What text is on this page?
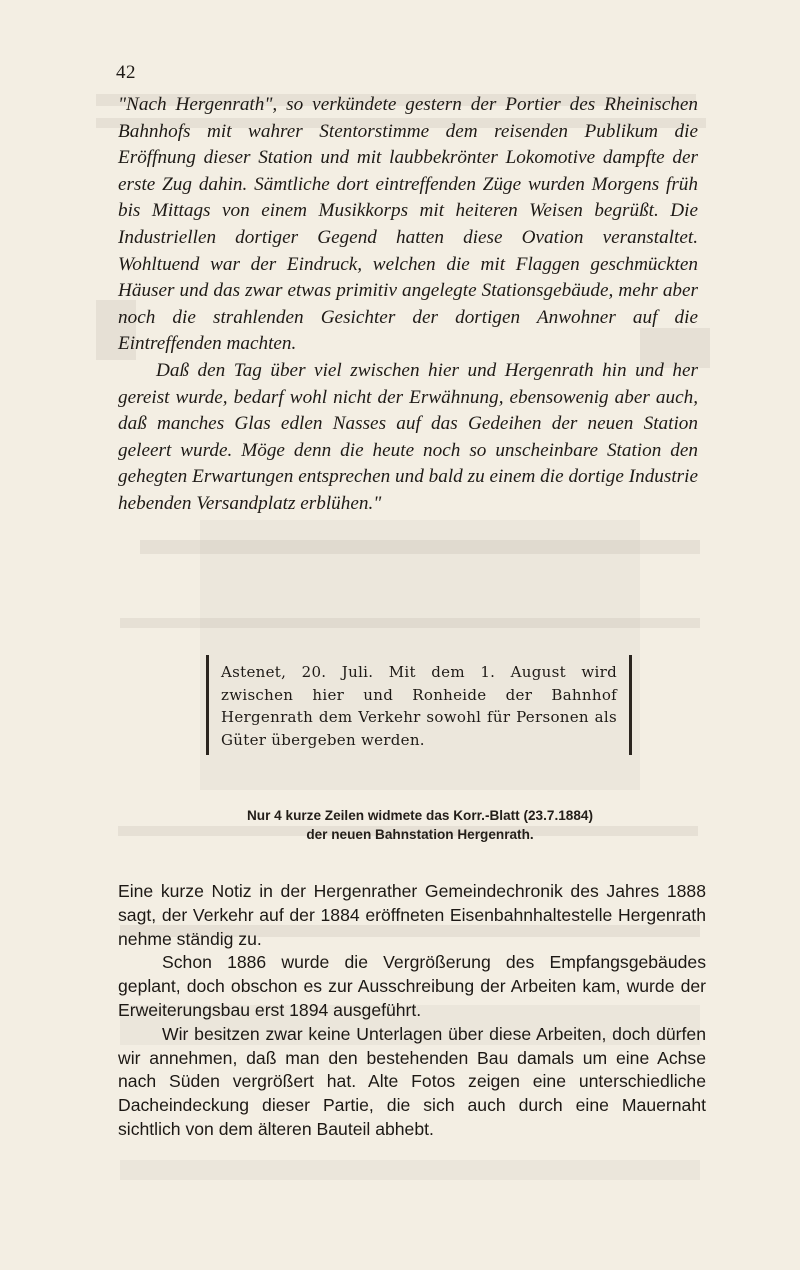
42

"Nach Hergenrath", so verkündete gestern der Portier des Rheinischen Bahnhofs mit wahrer Stentorstimme dem reisenden Publikum die Eröffnung dieser Station und mit laubbekrönter Lokomotive dampfte der erste Zug dahin. Sämtliche dort eintreffenden Züge wurden Morgens früh bis Mittags von einem Musikkorps mit heiteren Weisen begrüßt. Die Industriellen dortiger Gegend hatten diese Ovation veranstaltet. Wohltuend war der Eindruck, welchen die mit Flaggen geschmückten Häuser und das zwar etwas primitiv angelegte Stationsgebäude, mehr aber noch die strahlenden Gesichter der dortigen Anwohner auf die Eintreffenden machten.

Daß den Tag über viel zwischen hier und Hergenrath hin und her gereist wurde, bedarf wohl nicht der Erwähnung, ebensowenig aber auch, daß manches Glas edlen Nasses auf das Gedeihen der neuen Station geleert wurde. Möge denn die heute noch so unscheinbare Station den gehegten Erwartungen entsprechen und bald zu einem die dortige Industrie hebenden Versandplatz erblühen."

Astenet, 20. Juli. Mit dem 1. August wird zwischen hier und Ronheide der Bahnhof Hergenrath dem Verkehr sowohl für Personen als Güter übergeben werden.
Nur 4 kurze Zeilen widmete das Korr.-Blatt (23.7.1884)
der neuen Bahnstation Hergenrath.

Eine kurze Notiz in der Hergenrather Gemeindechronik des Jahres 1888 sagt, der Verkehr auf der 1884 eröffneten Eisenbahnhaltestelle Hergenrath nehme ständig zu.

Schon 1886 wurde die Vergrößerung des Empfangsgebäudes geplant, doch obschon es zur Ausschreibung der Arbeiten kam, wurde der Erweiterungsbau erst 1894 ausgeführt.

Wir besitzen zwar keine Unterlagen über diese Arbeiten, doch dürfen wir annehmen, daß man den bestehenden Bau damals um eine Achse nach Süden vergrößert hat. Alte Fotos zeigen eine unterschiedliche Dacheindeckung dieser Partie, die sich auch durch eine Mauernaht sichtlich von dem älteren Bauteil abhebt.
